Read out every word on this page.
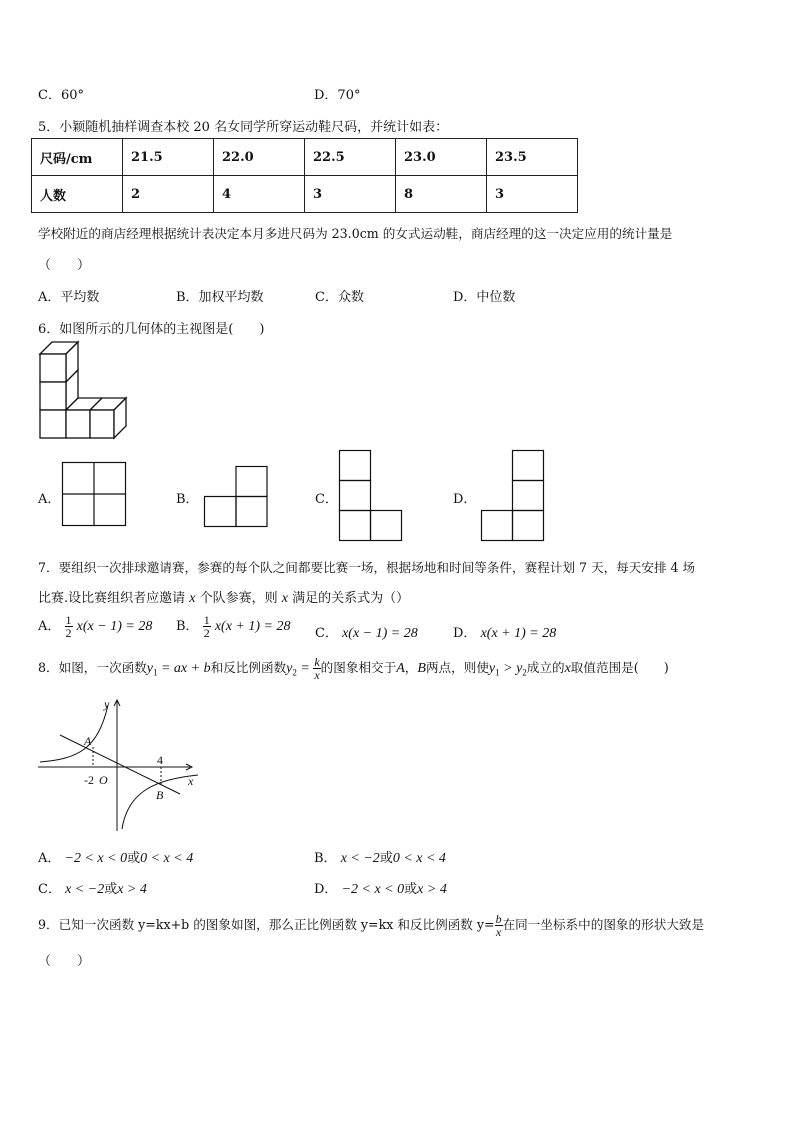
C．60°	D．70°
5．小颖随机抽样调查本校 20 名女同学所穿运动鞋尺码，并统计如表：
尺码/cm	21.5	22.0	22.5	23.0	23.5
人数	2	4	3	8	3
学校附近的商店经理根据统计表决定本月多进尺码为 23.0cm 的女式运动鞋，商店经理的这一决定应用的统计量是
（　　）
A．平均数	B．加权平均数	C．众数	D．中位数
6．如图所示的几何体的主视图是(　　)
A．	B．	C．	D．
7．要组织一次排球邀请赛，参赛的每个队之间都要比赛一场，根据场地和时间等条件，赛程计划 7 天，每天安排 4 场
比赛.设比赛组织者应邀请 x 个队参赛，则 x 满足的关系式为（）
A． $\frac{1}{2} x(x - 1) = 28$ B． $\frac{1}{2} x(x + 1) = 28$ C． x(x − 1) = 28	D． x(x + 1) = 28
8．如图，一次函数$y_1$ = ax + b和反比例函数$y_2 = \frac{k}{x}$ 的图象相交于A，B两点，则使$y_1 > y_2$成立的x取值范围是(　　)
y
x
A
B
-2 O
4
A． −2 < x < 0或0 < x < 4	B． x < −2或0 < x < 4
C． x < −2或x > 4	D． −2 < x < 0或x > 4
9．已知一次函数 y=kx+b 的图象如图，那么正比例函数 y=kx 和反比例函数 $y= \frac{b}{x}$ 在同一坐标系中的图象的形状大致是
（　　）
